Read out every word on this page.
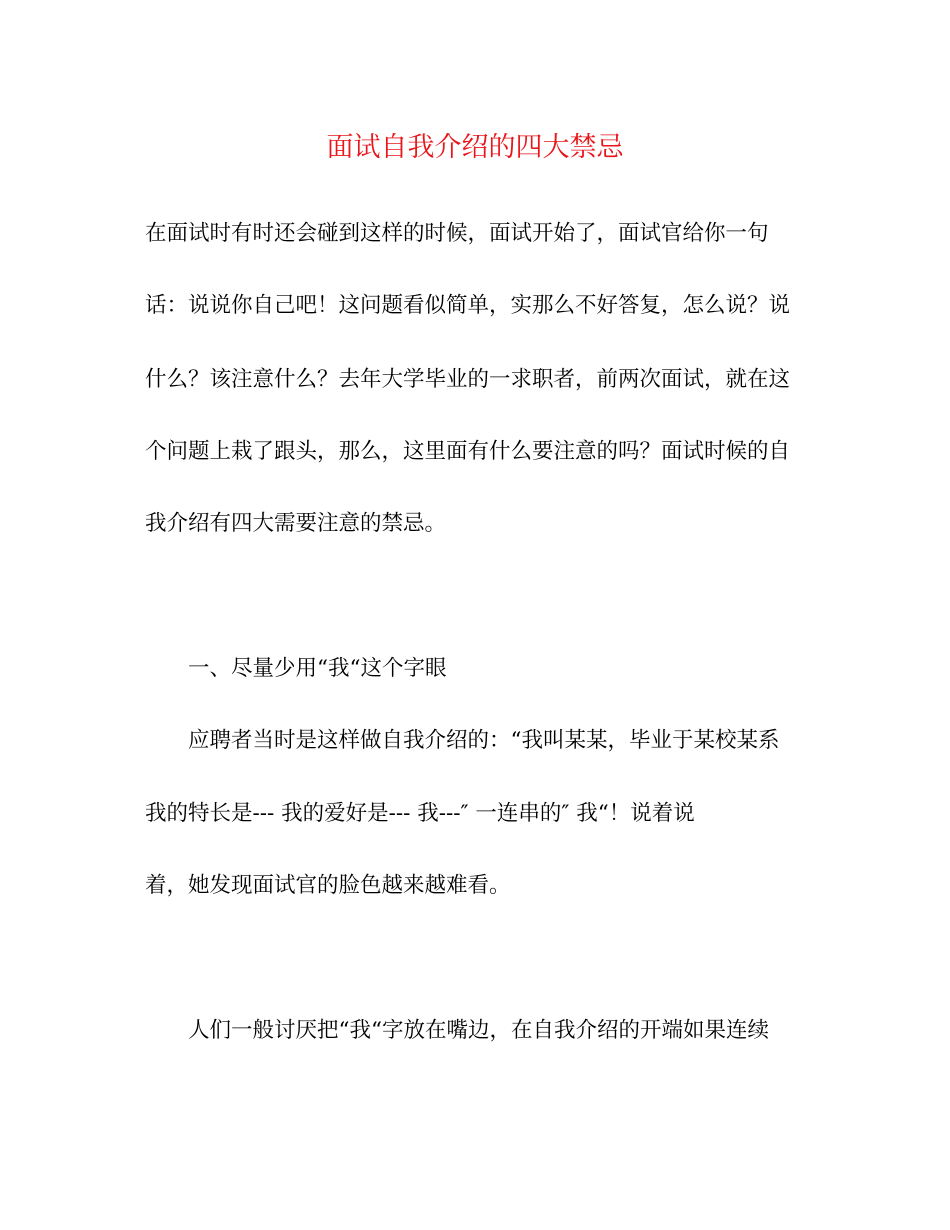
面试自我介绍的四大禁忌
在面试时有时还会碰到这样的时候，面试开始了，面试官给你一句
话：说说你自己吧！这问题看似简单，实那么不好答复，怎么说？说
什么？该注意什么？去年大学毕业的一求职者，前两次面试，就在这
个问题上栽了跟头，那么，这里面有什么要注意的吗？面试时候的自
我介绍有四大需要注意的禁忌。
一、尽量少用“我“这个字眼
应聘者当时是这样做自我介绍的：“我叫某某，毕业于某校某系
我的特长是--- 我的爱好是--- 我---″ 一连串的″ 我“！说着说
着，她发现面试官的脸色越来越难看。
人们一般讨厌把“我“字放在嘴边，在自我介绍的开端如果连续
